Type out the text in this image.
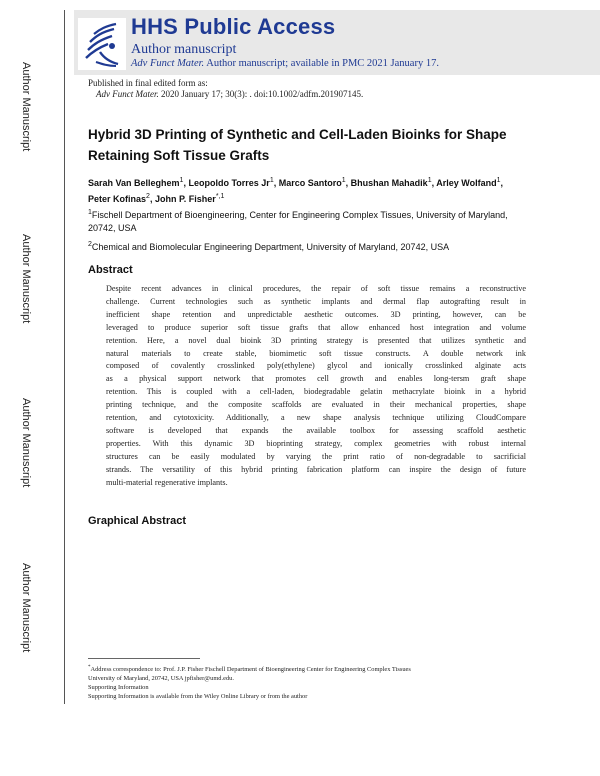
Author Manuscript
Author Manuscript
Author Manuscript
Author Manuscript
HHS Public Access
Author manuscript
Adv Funct Mater. Author manuscript; available in PMC 2021 January 17.
Published in final edited form as:
Adv Funct Mater. 2020 January 17; 30(3): . doi:10.1002/adfm.201907145.
Hybrid 3D Printing of Synthetic and Cell-Laden Bioinks for Shape Retaining Soft Tissue Grafts
Sarah Van Belleghem$^1$, Leopoldo Torres Jr$^1$, Marco Santoro$^1$, Bhushan Mahadik$^1$, Arley Wolfand$^1$, Peter Kofinas$^2$, John P. Fisher$^{*,1}$
$^1$Fischell Department of Bioengineering, Center for Engineering Complex Tissues, University of Maryland, 20742, USA
$^2$Chemical and Biomolecular Engineering Department, University of Maryland, 20742, USA
Abstract
Despite recent advances in clinical procedures, the repair of soft tissue remains a reconstructive
challenge. Current technologies such as synthetic implants and dermal flap autografting result in
inefficient shape retention and unpredictable aesthetic outcomes. 3D printing, however, can be
leveraged to produce superior soft tissue grafts that allow enhanced host integration and volume
retention. Here, a novel dual bioink 3D printing strategy is presented that utilizes synthetic and
natural materials to create stable, biomimetic soft tissue constructs. A double network ink
composed of covalently crosslinked poly(ethylene) glycol and ionically crosslinked alginate acts
as a physical support network that promotes cell growth and enables long-tersm graft shape
retention. This is coupled with a cell-laden, biodegradable gelatin methacrylate bioink in a hybrid
printing technique, and the composite scaffolds are evaluated in their mechanical properties, shape
retention, and cytotoxicity. Additionally, a new shape analysis technique utilizing CloudCompare
software is developed that expands the available toolbox for assessing scaffold aesthetic
properties. With this dynamic 3D bioprinting strategy, complex geometries with robust internal
structures can be easily modulated by varying the print ratio of non-degradable to sacrificial
strands. The versatility of this hybrid printing fabrication platform can inspire the design of future
multi-material regenerative implants.
Graphical Abstract
*Address correspondence to: Prof. J.P. Fisher Fischell Department of Bioengineering Center for Engineering Complex Tissues
University of Maryland, 20742, USA jpfisher@umd.edu.
Supporting Information
Supporting Information is available from the Wiley Online Library or from the author
